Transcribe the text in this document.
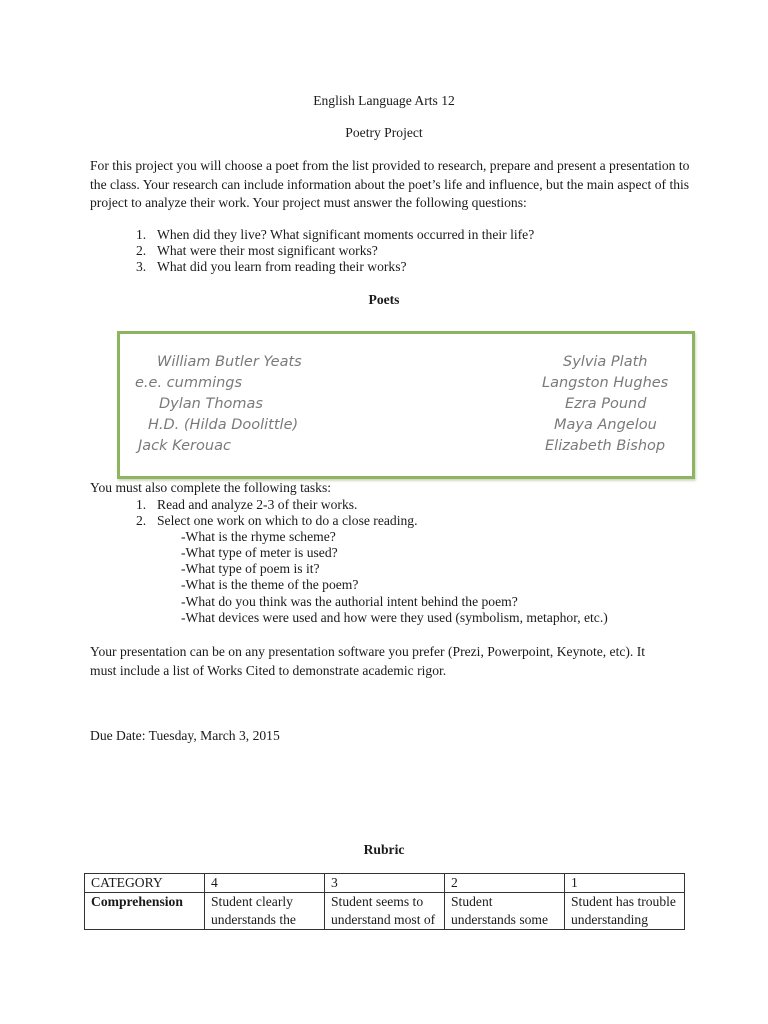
English Language Arts 12
Poetry Project

For this project you will choose a poet from the list provided to research, prepare and present a presentation to the class. Your research can include information about the poet’s life and influence, but the main aspect of this project to analyze their work. Your project must answer the following questions:

1. When did they live? What significant moments occurred in their life?
2. What were their most significant works?
3. What did you learn from reading their works?
Poets
William Butler Yeats
e.e. cummings
Dylan Thomas
H.D. (Hilda Doolittle)
Jack Kerouac
Sylvia Plath
Langston Hughes
Ezra Pound
Maya Angelou
Elizabeth Bishop
You must also complete the following tasks:
1. Read and analyze 2-3 of their works.
2. Select one work on which to do a close reading.
-What is the rhyme scheme?
-What type of meter is used?
-What type of poem is it?
-What is the theme of the poem?
-What do you think was the authorial intent behind the poem?
-What devices were used and how were they used (symbolism, metaphor, etc.)

Your presentation can be on any presentation software you prefer (Prezi, Powerpoint, Keynote, etc). It must include a list of Works Cited to demonstrate academic rigor.

Due Date: Tuesday, March 3, 2015
Rubric
CATEGORY	4	3	2	1
Comprehension	Student clearly understands the	Student seems to understand most of	Student understands some	Student has trouble understanding
